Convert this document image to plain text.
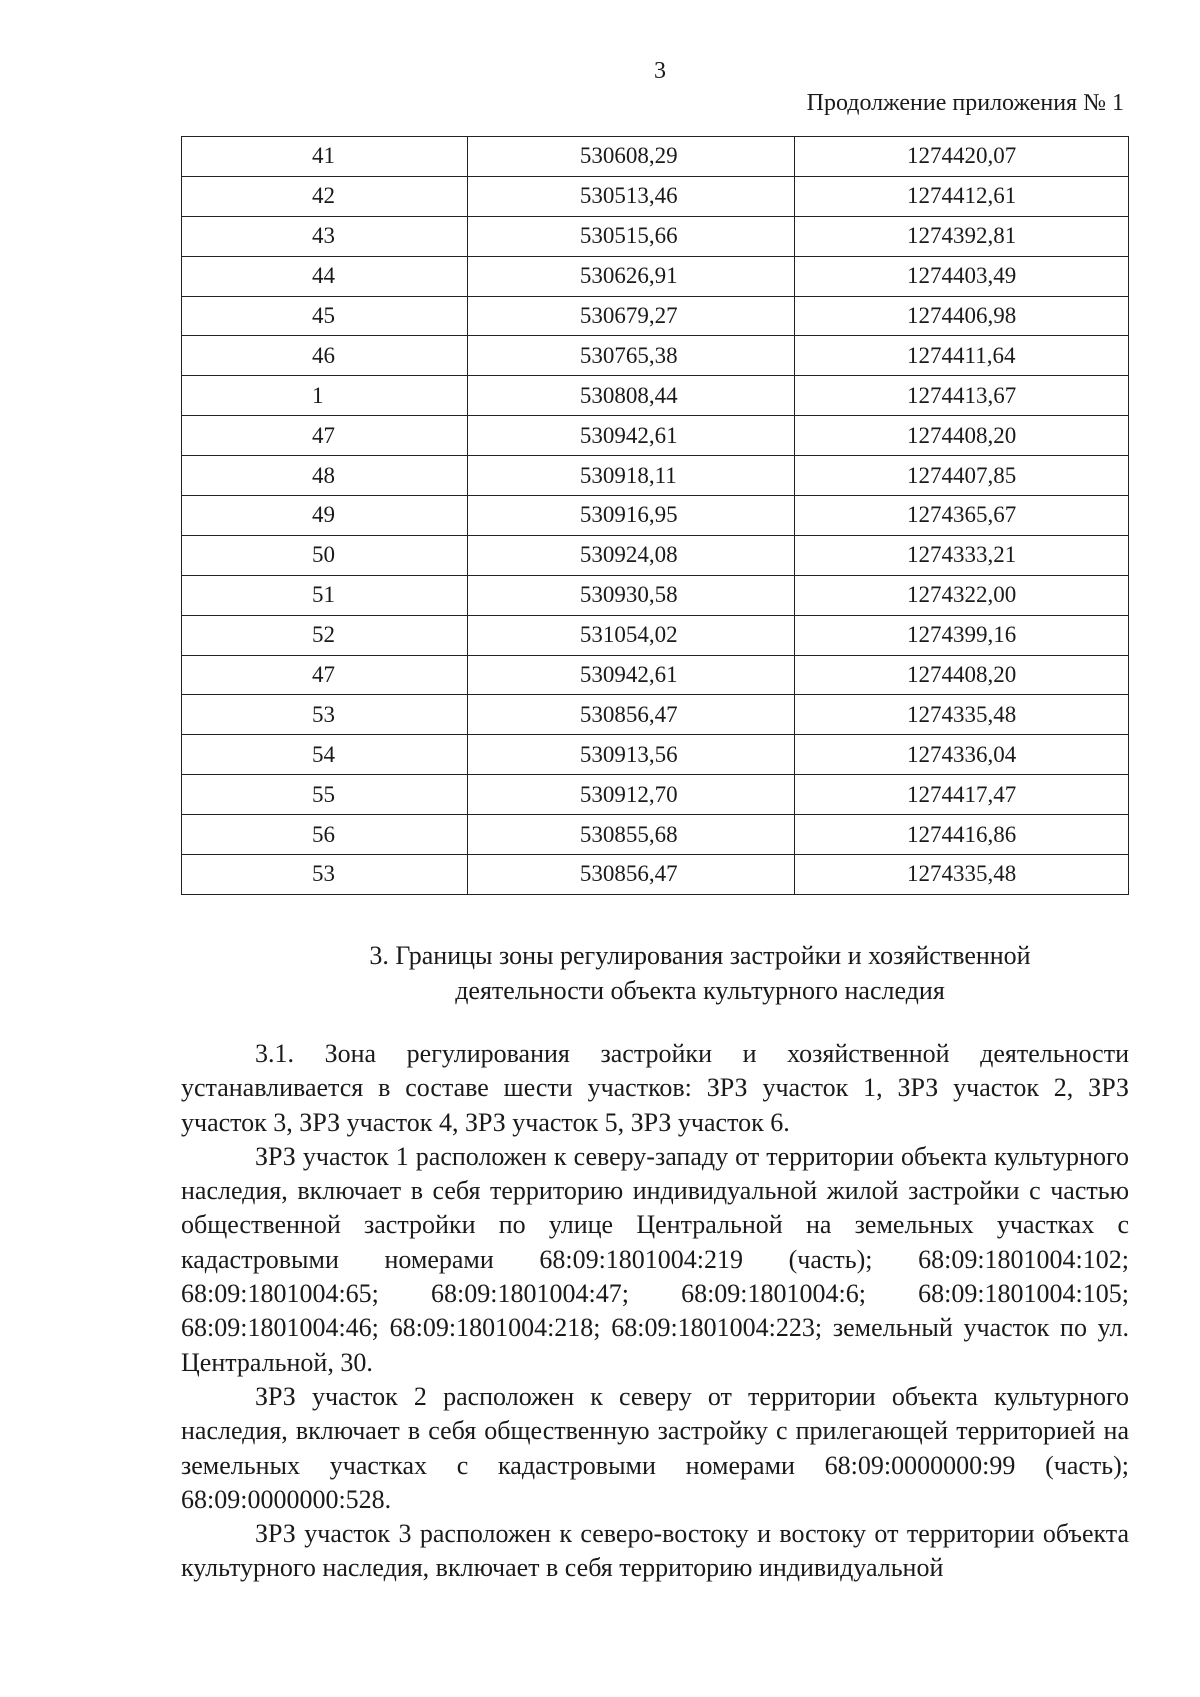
3
Продолжение приложения № 1
41	530608,29	1274420,07
42	530513,46	1274412,61
43	530515,66	1274392,81
44	530626,91	1274403,49
45	530679,27	1274406,98
46	530765,38	1274411,64
1	530808,44	1274413,67
47	530942,61	1274408,20
48	530918,11	1274407,85
49	530916,95	1274365,67
50	530924,08	1274333,21
51	530930,58	1274322,00
52	531054,02	1274399,16
47	530942,61	1274408,20
53	530856,47	1274335,48
54	530913,56	1274336,04
55	530912,70	1274417,47
56	530855,68	1274416,86
53	530856,47	1274335,48
3. Границы зоны регулирования застройки и хозяйственной
деятельности объекта культурного наследия

3.1. Зона регулирования застройки и хозяйственной деятельности устанавливается в составе шести участков: ЗРЗ участок 1, ЗРЗ участок 2, ЗРЗ участок 3, ЗРЗ участок 4, ЗРЗ участок 5, ЗРЗ участок 6.

ЗРЗ участок 1 расположен к северу-западу от территории объекта культурного наследия, включает в себя территорию индивидуальной жилой застройки с частью общественной застройки по улице Центральной на земельных участках с кадастровыми номерами 68:09:1801004:219 (часть); 68:09:1801004:102; 68:09:1801004:65; 68:09:1801004:47; 68:09:1801004:6; 68:09:1801004:105; 68:09:1801004:46; 68:09:1801004:218; 68:09:1801004:223; земельный участок по ул. Центральной, 30.

ЗРЗ участок 2 расположен к северу от территории объекта культурного наследия, включает в себя общественную застройку с прилегающей территорией на земельных участках с кадастровыми номерами 68:09:0000000:99 (часть); 68:09:0000000:528.

ЗРЗ участок 3 расположен к северо-востоку и востоку от территории объекта культурного наследия, включает в себя территорию индивидуальной
